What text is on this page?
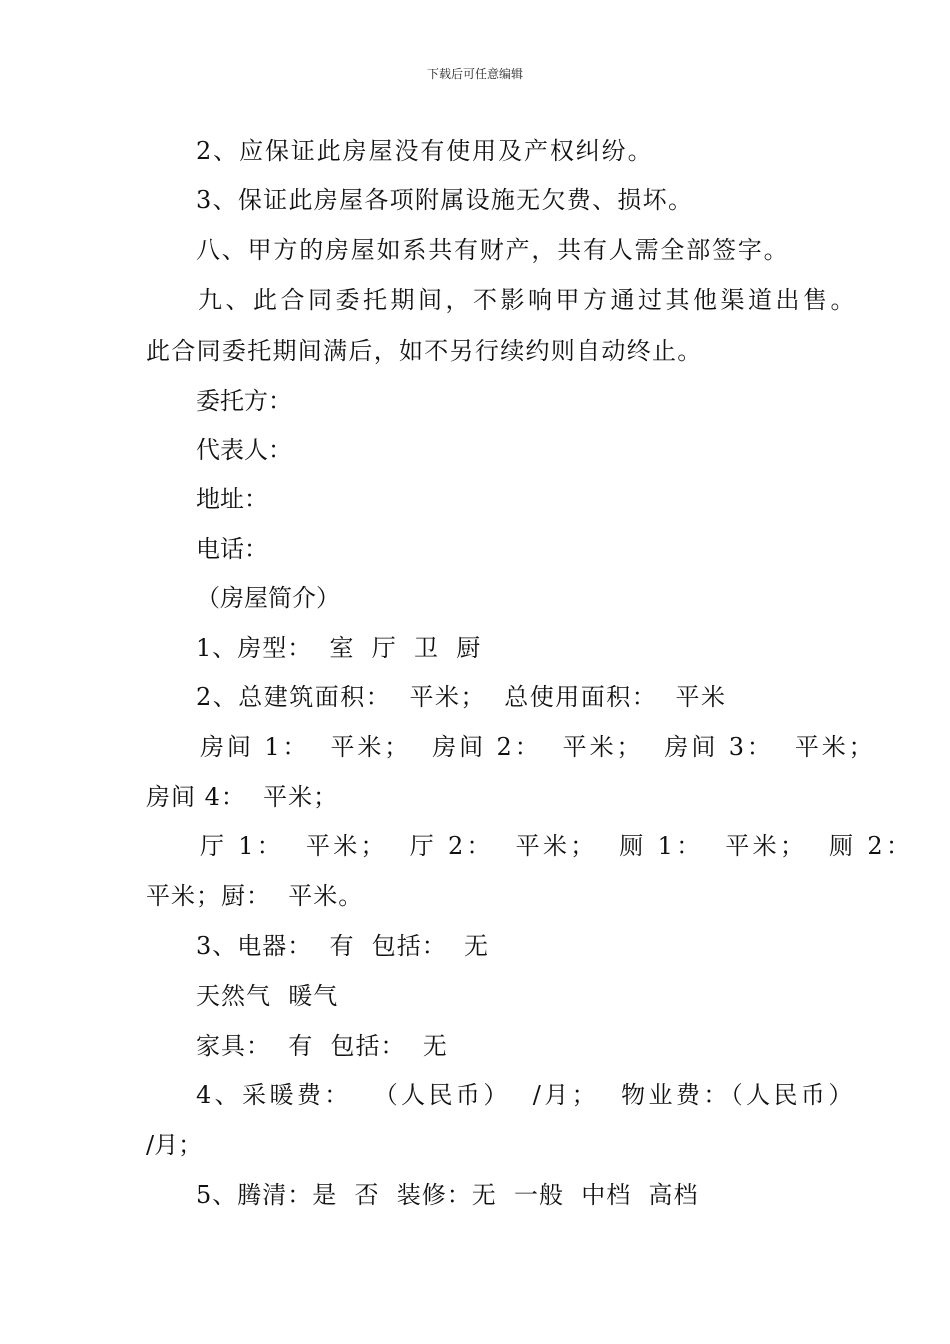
下载后可任意编辑
2、应保证此房屋没有使用及产权纠纷。
3、保证此房屋各项附属设施无欠费、损坏。
八、甲方的房屋如系共有财产，共有人需全部签字。
九、此合同委托期间，不影响甲方通过其他渠道出售。
此合同委托期间满后，如不另行续约则自动终止。
委托方：
代表人：
地址：
电话：
（房屋简介）
1、房型：  室  厅  卫  厨
2、总建筑面积：  平米；  总使用面积：  平米
房间 1：  平米；  房间 2：  平米；  房间 3：  平米；
房间 4：  平米；
厅 1：  平米；  厅 2：  平米；  厕 1：  平米；  厕 2：
平米；厨：  平米。
3、电器：  有  包括：  无
天然气  暖气
家具：  有  包括：  无
4、采暖费：  （人民币）  /月；  物业费：（人民币）
/月；
5、腾清：是  否  装修：无  一般  中档  高档
